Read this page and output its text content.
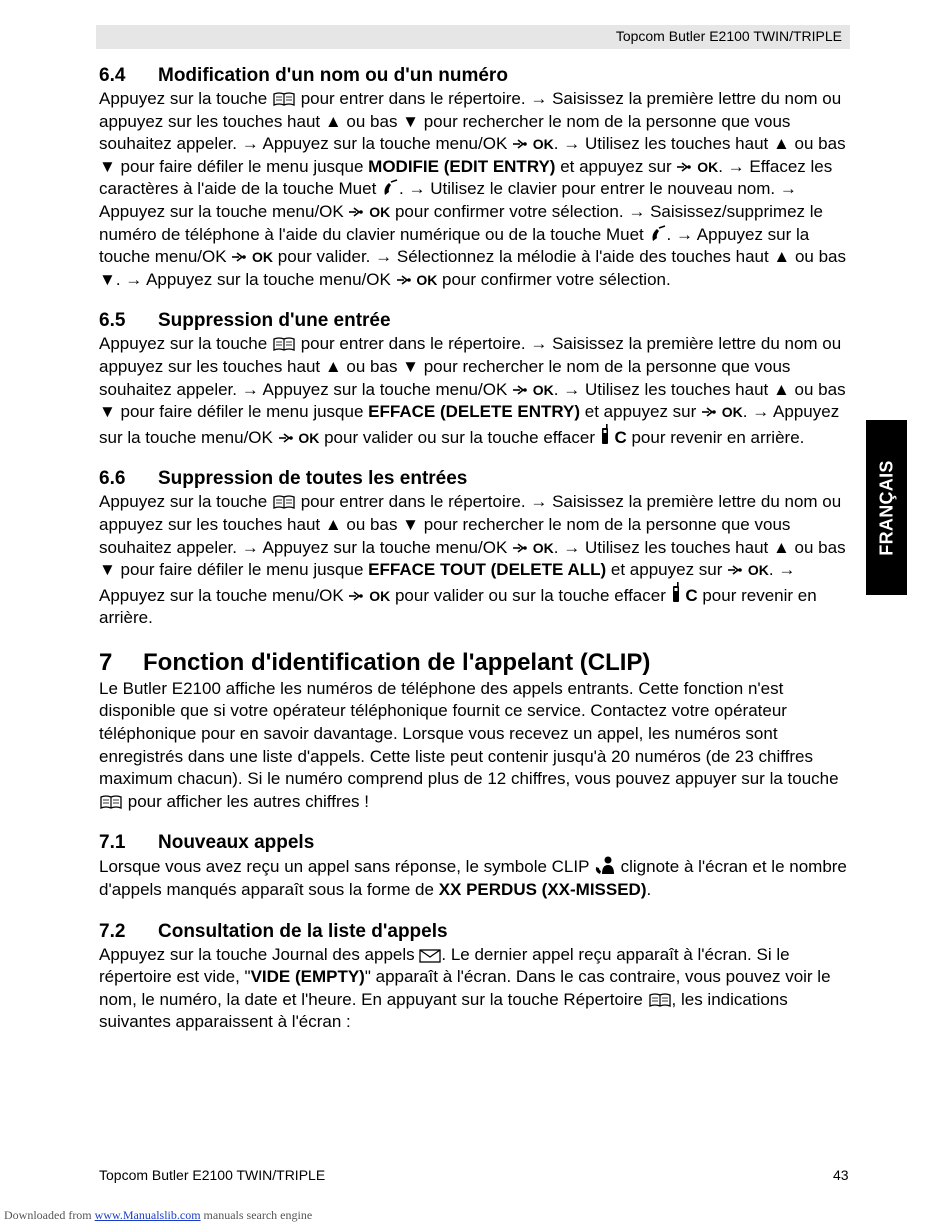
Topcom Butler E2100 TWIN/TRIPLE
6.4	Modification d'un nom ou d'un numéro

Appuyez sur la touche pour entrer dans le répertoire. → Saisissez la première lettre du nom ou appuyez sur les touches haut ▲ ou bas ▼ pour rechercher le nom de la personne que vous souhaitez appeler. → Appuyez sur la touche menu/OK OK. → Utilisez les touches haut ▲ ou bas ▼ pour faire défiler le menu jusque MODIFIE (EDIT ENTRY) et appuyez sur OK. → Effacez les caractères à l'aide de la touche Muet . → Utilisez le clavier pour entrer le nouveau nom. → Appuyez sur la touche menu/OK OK pour confirmer votre sélection. → Saisissez/supprimez le numéro de téléphone à l'aide du clavier numérique ou de la touche Muet . → Appuyez sur la touche menu/OK OK pour valider. → Sélectionnez la mélodie à l'aide des touches haut ▲ ou bas ▼. → Appuyez sur la touche menu/OK OK pour confirmer votre sélection.

6.5	Suppression d'une entrée

Appuyez sur la touche pour entrer dans le répertoire. → Saisissez la première lettre du nom ou appuyez sur les touches haut ▲ ou bas ▼ pour rechercher le nom de la personne que vous souhaitez appeler. → Appuyez sur la touche menu/OK OK. → Utilisez les touches haut ▲ ou bas ▼ pour faire défiler le menu jusque EFFACE (DELETE ENTRY) et appuyez sur OK. → Appuyez sur la touche menu/OK OK pour valider ou sur la touche effacer C pour revenir en arrière.

6.6	Suppression de toutes les entrées

Appuyez sur la touche pour entrer dans le répertoire. → Saisissez la première lettre du nom ou appuyez sur les touches haut ▲ ou bas ▼ pour rechercher le nom de la personne que vous souhaitez appeler. → Appuyez sur la touche menu/OK OK. → Utilisez les touches haut ▲ ou bas ▼ pour faire défiler le menu jusque EFFACE TOUT (DELETE ALL) et appuyez sur OK. → Appuyez sur la touche menu/OK OK pour valider ou sur la touche effacer C pour revenir en arrière.

7	Fonction d'identification de l'appelant (CLIP)

Le Butler E2100 affiche les numéros de téléphone des appels entrants. Cette fonction n'est disponible que si votre opérateur téléphonique fournit ce service. Contactez votre opérateur téléphonique pour en savoir davantage. Lorsque vous recevez un appel, les numéros sont enregistrés dans une liste d'appels. Cette liste peut contenir jusqu'à 20 numéros (de 23 chiffres maximum chacun). Si le numéro comprend plus de 12 chiffres, vous pouvez appuyer sur la touche  pour afficher les autres chiffres !

7.1	Nouveaux appels

Lorsque vous avez reçu un appel sans réponse, le symbole CLIP clignote à l'écran et le nombre d'appels manqués apparaît sous la forme de XX PERDUS (XX-MISSED).

7.2	Consultation de la liste d'appels

Appuyez sur la touche Journal des appels . Le dernier appel reçu apparaît à l'écran. Si le répertoire est vide, "VIDE (EMPTY)" apparaît à l'écran. Dans le cas contraire, vous pouvez voir le nom, le numéro, la date et l'heure. En appuyant sur la touche Répertoire , les indications suivantes apparaissent à l'écran :

FRANÇAIS
Topcom Butler E2100 TWIN/TRIPLE	43
Downloaded from www.Manualslib.com manuals search engine
